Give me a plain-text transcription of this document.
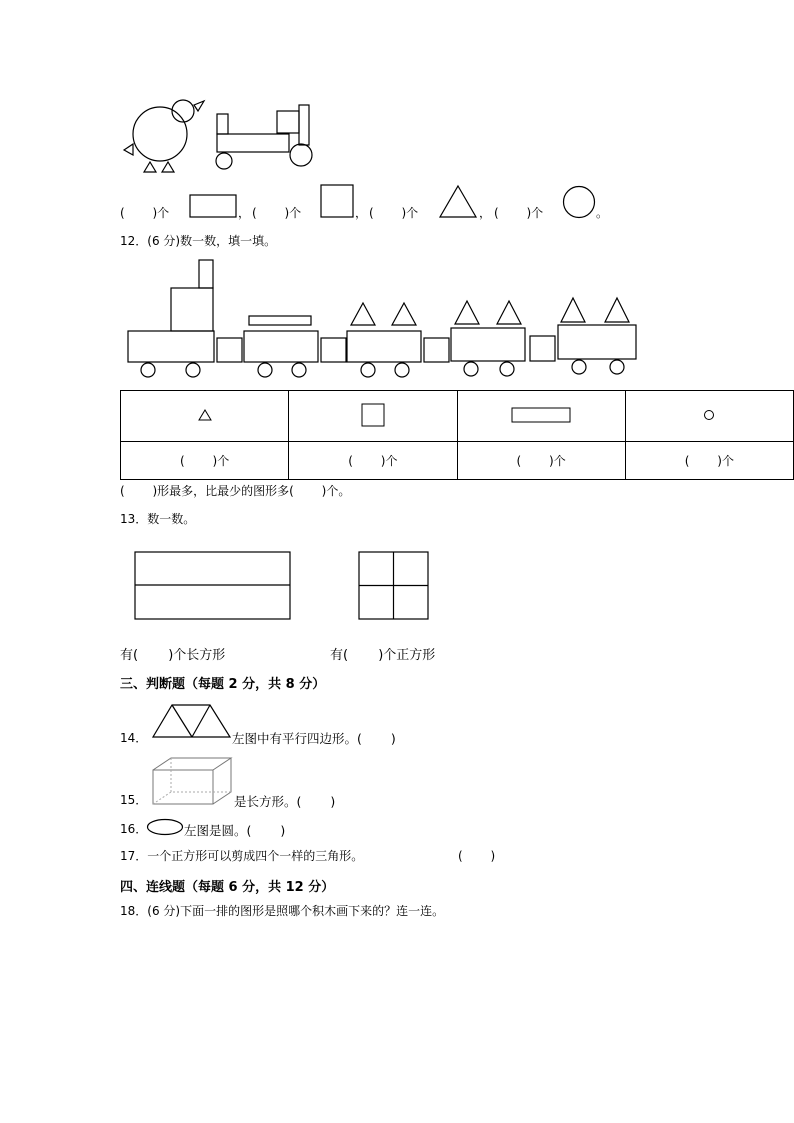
(　　 )个	， (　　 )个	， (　　 )个	， (　　 )个	。
12．(6 分)数一数，填一填。

(　　 )个	(　　 )个	(　　 )个	(　　 )个
(　　 )形最多，比最少的图形多(　　 )个。
13．数一数。
有(　　 )个长方形	有(　　 )个正方形
三、判断题（每题 2 分，共 8 分）
14．	左图中有平行四边形。(　　 )
15．	是长方形。(　　 )
16．	左图是圆。(　　 )
17．一个正方形可以剪成四个一样的三角形。	(　　 )
四、连线题（每题 6 分，共 12 分）
18．(6 分)下面一排的图形是照哪个积木画下来的？连一连。
